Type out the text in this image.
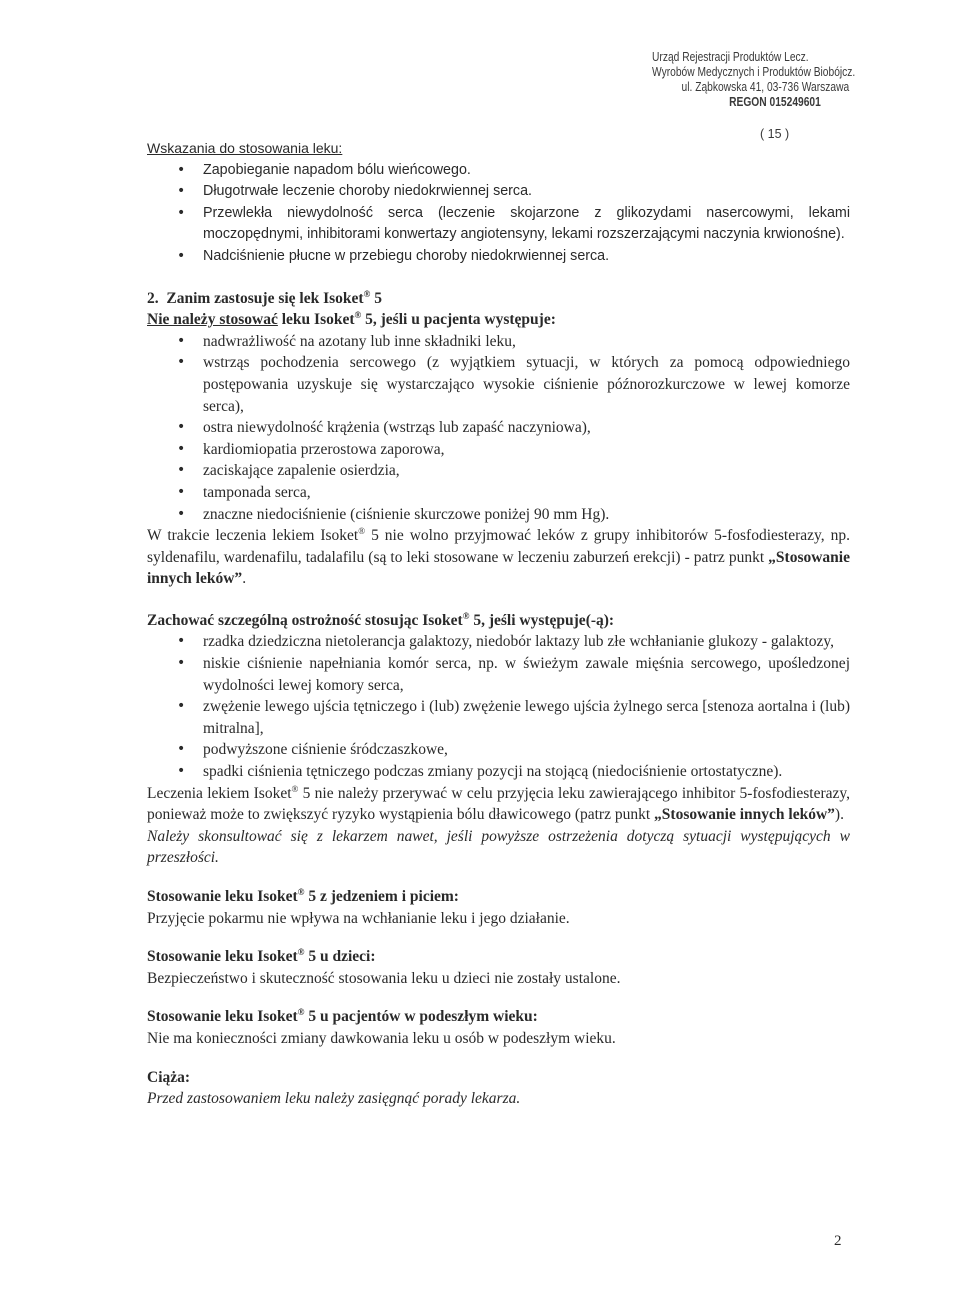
Urząd Rejestracji Produktów Lecz.
Wyrobów Medycznych i Produktów Biobójcz.
ul. Ząbkowska 41, 03-736 Warszawa
REGON 015249601
( 15 )
Wskazania do stosowania leku:
• Zapobieganie napadom bólu wieńcowego.
• Długotrwałe leczenie choroby niedokrwiennej serca.
• Przewlekła niewydolność serca (leczenie skojarzone z glikozydami nasercowymi, lekami moczopędnymi, inhibitorami konwertazy angiotensyny, lekami rozszerzającymi naczynia krwionośne).
• Nadciśnienie płucne w przebiegu choroby niedokrwiennej serca.
2. Zanim zastosuje się lek Isoket® 5
Nie należy stosować leku Isoket® 5, jeśli u pacjenta występuje:
• nadwrażliwość na azotany lub inne składniki leku,
• wstrząs pochodzenia sercowego (z wyjątkiem sytuacji, w których za pomocą odpowiedniego postępowania uzyskuje się wystarczająco wysokie ciśnienie późnorozkurczowe w lewej komorze serca),
• ostra niewydolność krążenia (wstrząs lub zapaść naczyniowa),
• kardiomiopatia przerostowa zaporowa,
• zaciskające zapalenie osierdzia,
• tamponada serca,
• znaczne niedociśnienie (ciśnienie skurczowe poniżej 90 mm Hg).
W trakcie leczenia lekiem Isoket® 5 nie wolno przyjmować leków z grupy inhibitorów 5-fosfodiesterazy, np. syldenafilu, wardenafilu, tadalafilu (są to leki stosowane w leczeniu zaburzeń erekcji) - patrz punkt „Stosowanie innych leków”.
Zachować szczególną ostrożność stosując Isoket® 5, jeśli występuje(-ą):
• rzadka dziedziczna nietolerancja galaktozy, niedobór laktazy lub złe wchłanianie glukozy - galaktozy,
• niskie ciśnienie napełniania komór serca, np. w świeżym zawale mięśnia sercowego, upośledzonej wydolności lewej komory serca,
• zwężenie lewego ujścia tętniczego i (lub) zwężenie lewego ujścia żylnego serca [stenoza aortalna i (lub) mitralna],
• podwyższone ciśnienie śródczaszkowe,
• spadki ciśnienia tętniczego podczas zmiany pozycji na stojącą (niedociśnienie ortostatyczne).
Leczenia lekiem Isoket® 5 nie należy przerywać w celu przyjęcia leku zawierającego inhibitor 5-fosfodiesterazy, ponieważ może to zwiększyć ryzyko wystąpienia bólu dławicowego (patrz punkt „Stosowanie innych leków”).
Należy skonsultować się z lekarzem nawet, jeśli powyższe ostrzeżenia dotyczą sytuacji występujących w przeszłości.
Stosowanie leku Isoket® 5 z jedzeniem i piciem:
Przyjęcie pokarmu nie wpływa na wchłanianie leku i jego działanie.
Stosowanie leku Isoket® 5 u dzieci:
Bezpieczeństwo i skuteczność stosowania leku u dzieci nie zostały ustalone.
Stosowanie leku Isoket® 5 u pacjentów w podeszłym wieku:
Nie ma konieczności zmiany dawkowania leku u osób w podeszłym wieku.
Ciąża:
Przed zastosowaniem leku należy zasięgnąć porady lekarza.
2
